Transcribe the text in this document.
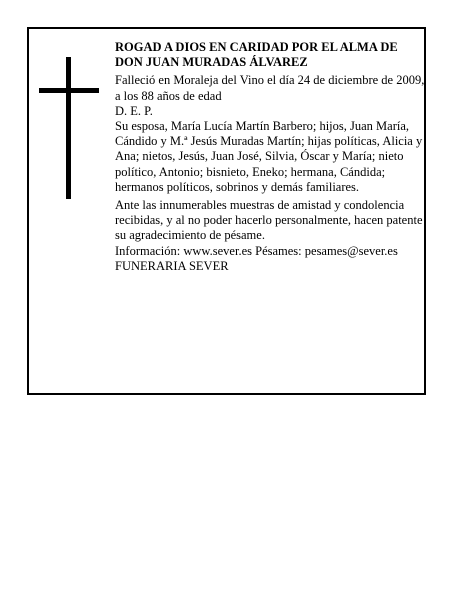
ROGAD A DIOS EN CARIDAD POR EL ALMA DE

DON JUAN MURADAS ÁLVAREZ

Falleció en Moraleja del Vino el día 24 de diciembre de 2009, a los 88 años de edad

D. E. P.

Su esposa, María Lucía Martín Barbero; hijos, Juan María, Cándido y M.ª Jesús Muradas Martín; hijas políticas, Alicia y Ana; nietos, Jesús, Juan José, Silvia, Óscar y María; nieto político, Antonio; bisnieto, Eneko; hermana, Cándida; hermanos políticos, sobrinos y demás familiares.

Ante las innumerables muestras de amistad y condolencia recibidas, y al no poder hacerlo personalmente, hacen patente su agradecimiento de pésame.

Información: www.sever.es Pésames: pesames@sever.es FUNERARIA SEVER
